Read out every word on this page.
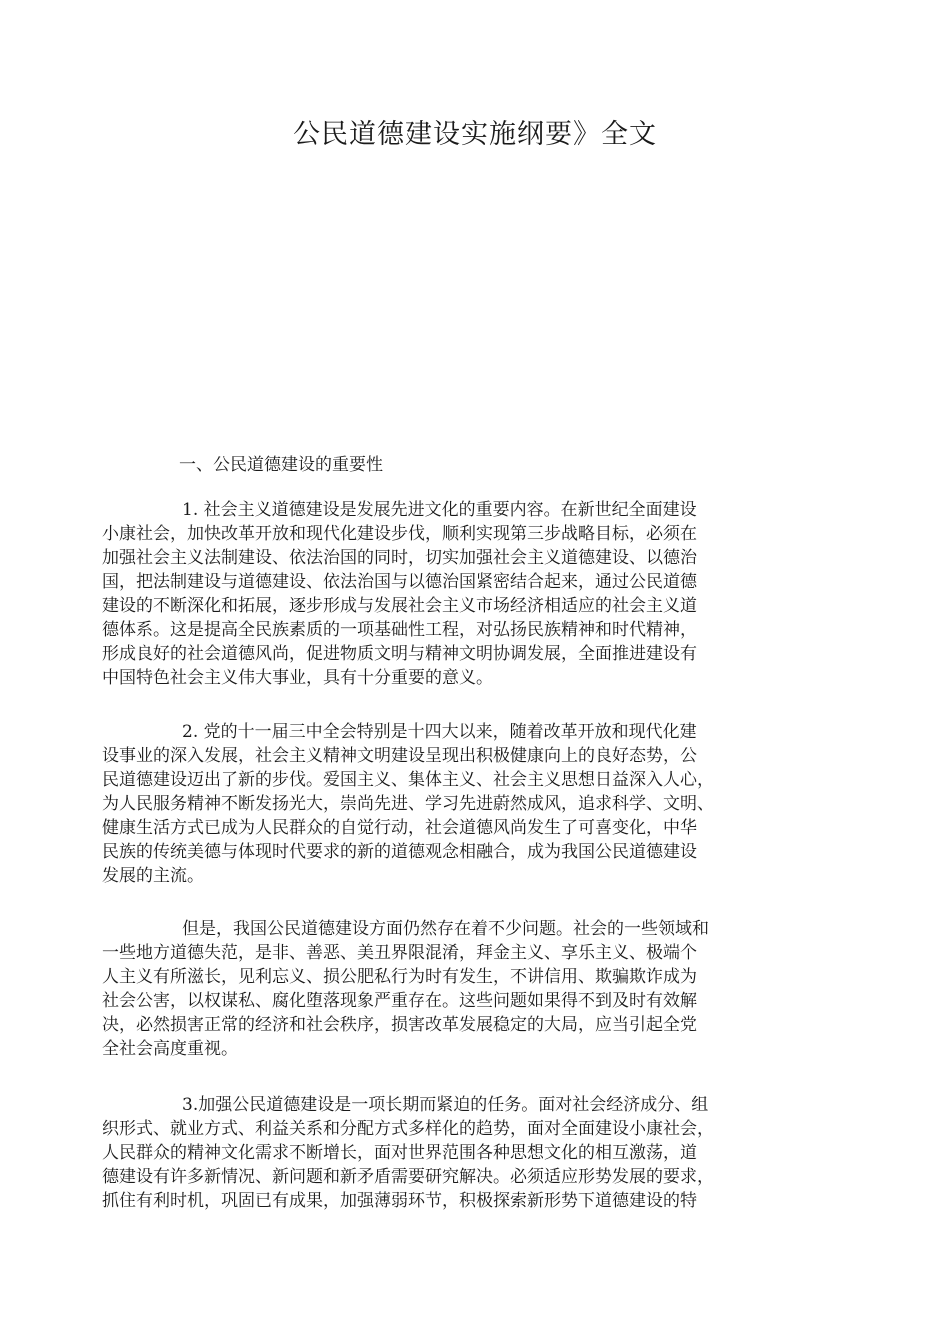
公民道德建设实施纲要》全文
一、公民道德建设的重要性

1. 社会主义道德建设是发展先进文化的重要内容。在新世纪全面建设
小康社会，加快改革开放和现代化建设步伐，顺利实现第三步战略目标，必须在
加强社会主义法制建设、依法治国的同时，切实加强社会主义道德建设、以德治
国，把法制建设与道德建设、依法治国与以德治国紧密结合起来，通过公民道德
建设的不断深化和拓展，逐步形成与发展社会主义市场经济相适应的社会主义道
德体系。这是提高全民族素质的一项基础性工程，对弘扬民族精神和时代精神，
形成良好的社会道德风尚，促进物质文明与精神文明协调发展，全面推进建设有
中国特色社会主义伟大事业，具有十分重要的意义。

2. 党的十一届三中全会特别是十四大以来，随着改革开放和现代化建
设事业的深入发展，社会主义精神文明建设呈现出积极健康向上的良好态势，公
民道德建设迈出了新的步伐。爱国主义、集体主义、社会主义思想日益深入人心，
为人民服务精神不断发扬光大，崇尚先进、学习先进蔚然成风，追求科学、文明、
健康生活方式已成为人民群众的自觉行动，社会道德风尚发生了可喜变化，中华
民族的传统美德与体现时代要求的新的道德观念相融合，成为我国公民道德建设
发展的主流。

但是，我国公民道德建设方面仍然存在着不少问题。社会的一些领域和
一些地方道德失范，是非、善恶、美丑界限混淆，拜金主义、享乐主义、极端个
人主义有所滋长，见利忘义、损公肥私行为时有发生，不讲信用、欺骗欺诈成为
社会公害，以权谋私、腐化堕落现象严重存在。这些问题如果得不到及时有效解
决，必然损害正常的经济和社会秩序，损害改革发展稳定的大局，应当引起全党
全社会高度重视。

3.加强公民道德建设是一项长期而紧迫的任务。面对社会经济成分、组
织形式、就业方式、利益关系和分配方式多样化的趋势，面对全面建设小康社会，
人民群众的精神文化需求不断增长，面对世界范围各种思想文化的相互激荡，道
德建设有许多新情况、新问题和新矛盾需要研究解决。必须适应形势发展的要求，
抓住有利时机，巩固已有成果，加强薄弱环节，积极探索新形势下道德建设的特
